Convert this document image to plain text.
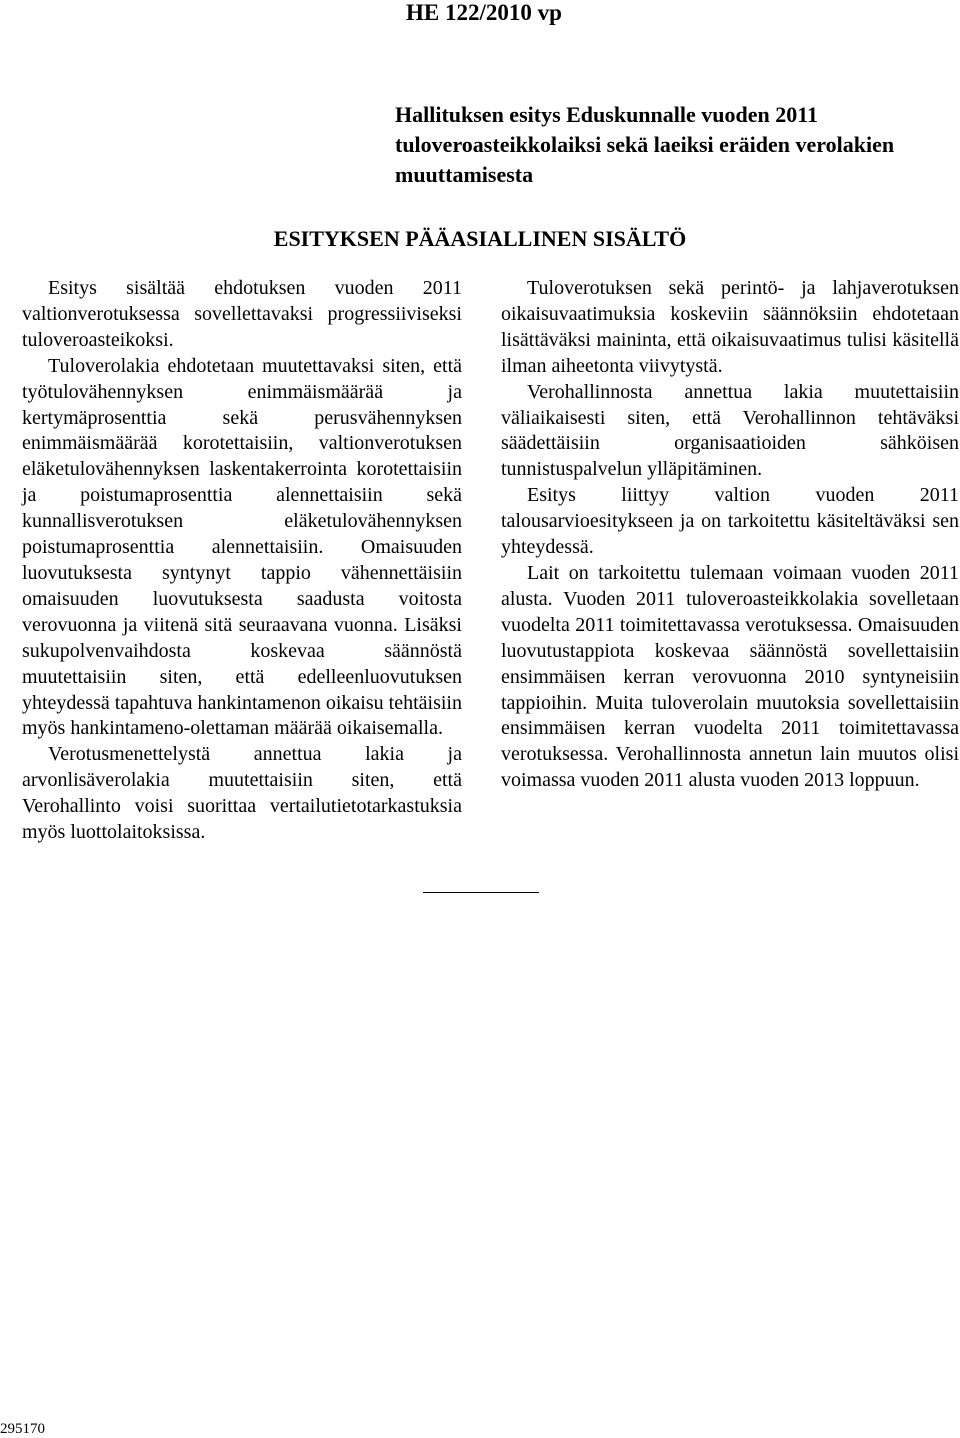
HE 122/2010 vp
Hallituksen esitys Eduskunnalle vuoden 2011 tuloveroasteikkolaiksi sekä laeiksi eräiden verolakien muuttamisesta
ESITYKSEN PÄÄASIALLINEN SISÄLTÖ

Esitys sisältää ehdotuksen vuoden 2011 valtionverotuksessa sovellettavaksi progressiiviseksi tuloveroasteikoksi.

Tuloverolakia ehdotetaan muutettavaksi siten, että työtulovähennyksen enimmäismäärää ja kertymäprosenttia sekä perusvähennyksen enimmäismäärää korotettaisiin, valtionverotuksen eläketulovähennyksen laskentakerrointa korotettaisiin ja poistumaprosenttia alennettaisiin sekä kunnallisverotuksen eläketulovähennyksen poistumaprosenttia alennettaisiin. Omaisuuden luovutuksesta syntynyt tappio vähennettäisiin omaisuuden luovutuksesta saadusta voitosta verovuonna ja viitenä sitä seuraavana vuonna. Lisäksi sukupolvenvaihdosta koskevaa säännöstä muutettaisiin siten, että edelleenluovutuksen yhteydessä tapahtuva hankintamenon oikaisu tehtäisiin myös hankintameno-olettaman määrää oikaisemalla.

Verotusmenettelystä annettua lakia ja arvonlisäverolakia muutettaisiin siten, että Verohallinto voisi suorittaa vertailutietotarkastuksia myös luottolaitoksissa.

Tuloverotuksen sekä perintö- ja lahjaverotuksen oikaisuvaatimuksia koskeviin säännöksiin ehdotetaan lisättäväksi maininta, että oikaisuvaatimus tulisi käsitellä ilman aiheetonta viivytystä.

Verohallinnosta annettua lakia muutettaisiin väliaikaisesti siten, että Verohallinnon tehtäväksi säädettäisiin organisaatioiden sähköisen tunnistuspalvelun ylläpitäminen.

Esitys liittyy valtion vuoden 2011 talousarvioesitykseen ja on tarkoitettu käsiteltäväksi sen yhteydessä.

Lait on tarkoitettu tulemaan voimaan vuoden 2011 alusta. Vuoden 2011 tuloveroasteikkolakia sovelletaan vuodelta 2011 toimitettavassa verotuksessa. Omaisuuden luovutustappiota koskevaa säännöstä sovellettaisiin ensimmäisen kerran verovuonna 2010 syntyneisiin tappioihin. Muita tuloverolain muutoksia sovellettaisiin ensimmäisen kerran vuodelta 2011 toimitettavassa verotuksessa. Verohallinnosta annetun lain muutos olisi voimassa vuoden 2011 alusta vuoden 2013 loppuun.

295170
